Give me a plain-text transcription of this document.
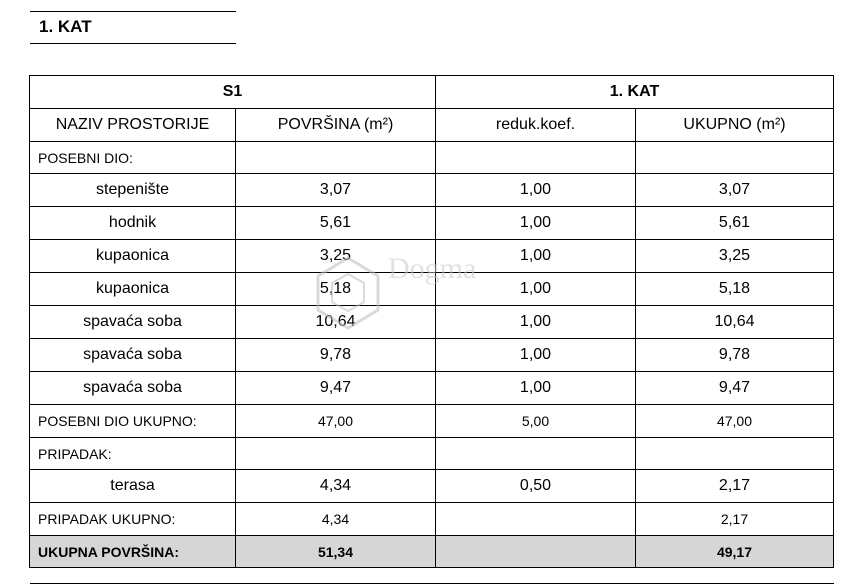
1. KAT
S1		1. KAT	
NAZIV PROSTORIJE	POVRŠINA (m²)	reduk.koef.	UKUPNO (m²)
POSEBNI DIO:			
stepenište	3,07	1,00	3,07
hodnik	5,61	1,00	5,61
kupaonica	3,25	1,00	3,25
kupaonica	5,18	1,00	5,18
spavaća soba	10,64	1,00	10,64
spavaća soba	9,78	1,00	9,78
spavaća soba	9,47	1,00	9,47
POSEBNI DIO UKUPNO:	47,00	5,00	47,00
PRIPADAK:			
terasa	4,34	0,50	2,17
PRIPADAK UKUPNO:	4,34		2,17
UKUPNA POVRŠINA:	51,34		49,17
Dogma
